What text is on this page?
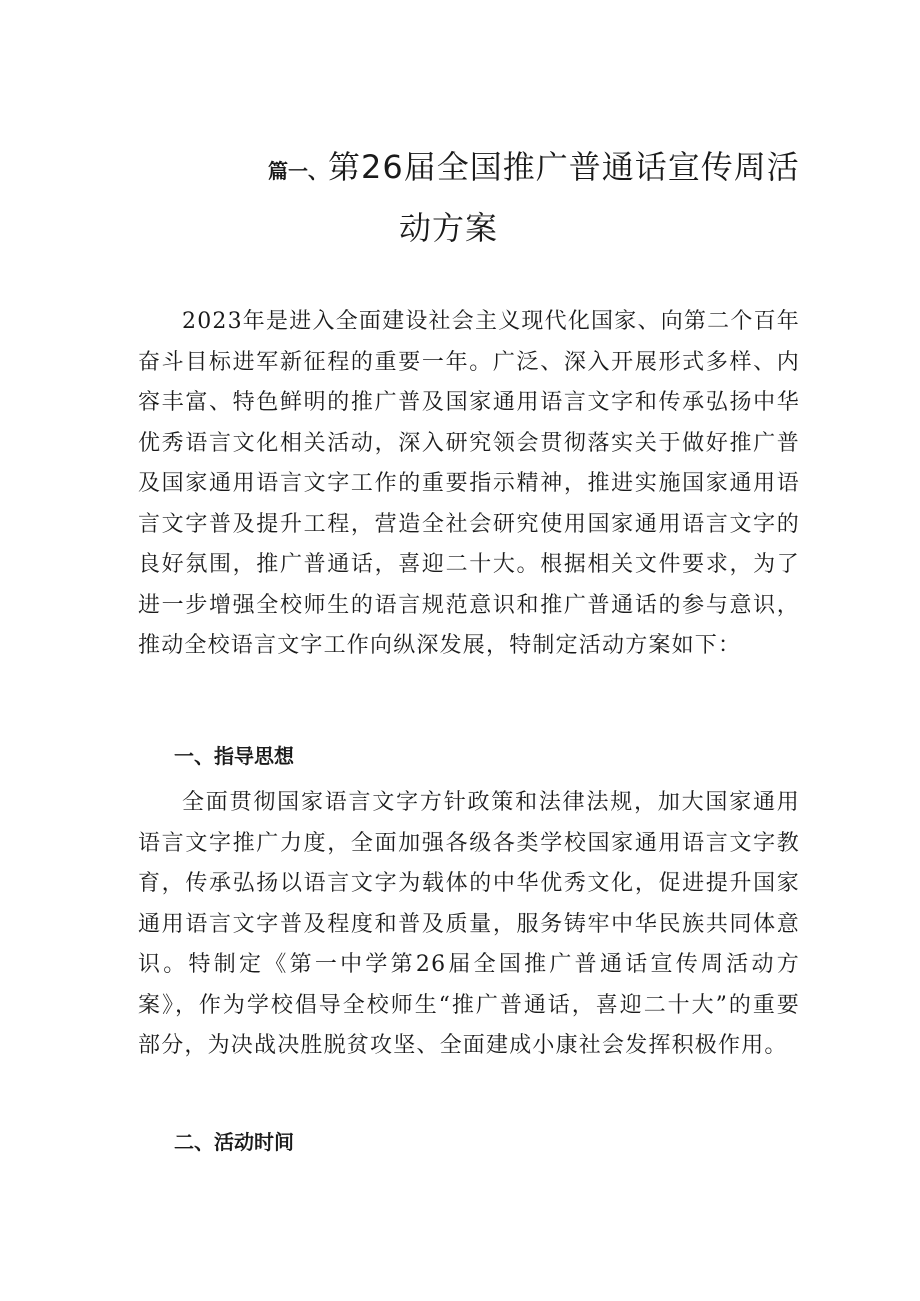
篇一、第26届全国推广普通话宣传周活
动方案

2023年是进入全面建设社会主义现代化国家、向第二个百年奋斗目标进军新征程的重要一年。广泛、深入开展形式多样、内容丰富、特色鲜明的推广普及国家通用语言文字和传承弘扬中华优秀语言文化相关活动，深入研究领会贯彻落实关于做好推广普及国家通用语言文字工作的重要指示精神，推进实施国家通用语言文字普及提升工程，营造全社会研究使用国家通用语言文字的良好氛围，推广普通话，喜迎二十大。根据相关文件要求，为了进一步增强全校师生的语言规范意识和推广普通话的参与意识，推动全校语言文字工作向纵深发展，特制定活动方案如下：

一、指导思想

全面贯彻国家语言文字方针政策和法律法规，加大国家通用语言文字推广力度，全面加强各级各类学校国家通用语言文字教育，传承弘扬以语言文字为载体的中华优秀文化，促进提升国家通用语言文字普及程度和普及质量，服务铸牢中华民族共同体意识。特制定《第一中学第26届全国推广普通话宣传周活动方案》，作为学校倡导全校师生“推广普通话，喜迎二十大”的重要部分，为决战决胜脱贫攻坚、全面建成小康社会发挥积极作用。

二、活动时间
